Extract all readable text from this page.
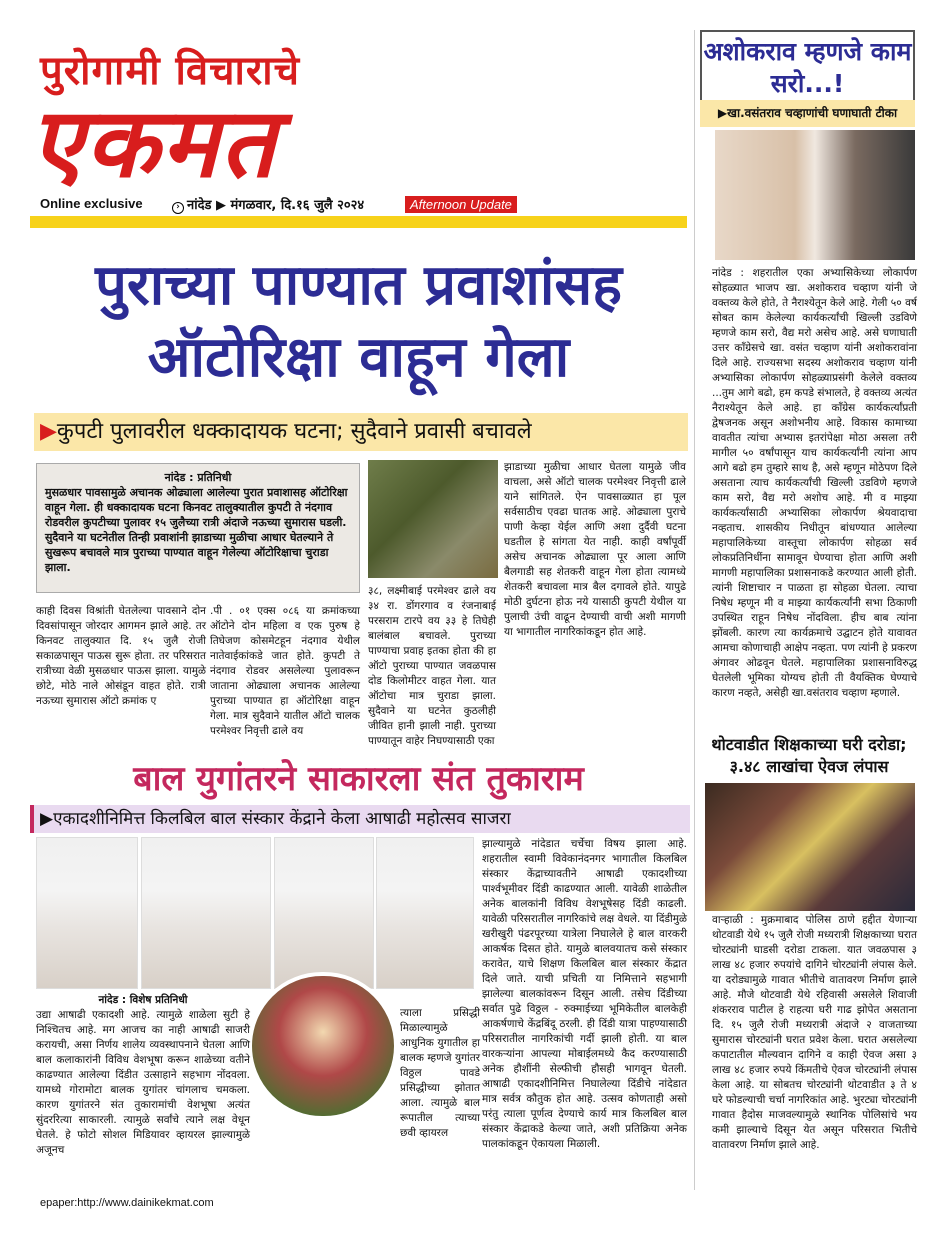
पुरोगामी विचाराचे
एकमत
Online exclusive	› नांदेड ▶ मंगळवार, दि.१६ जुलै २०२४	Afternoon Update
पुराच्या पाण्यात प्रवाशांसह
ऑटोरिक्षा वाहून गेला
▶कुपटी पुलावरील धक्कादायक घटना; सुदैवाने प्रवासी बचावले
नांदेड : प्रतिनिधी
मुसळधार पावसामुळे अचानक ओढ्याला आलेल्या पुरात प्रवाशासह ऑटोरिक्षा वाहून गेला. ही धक्कादायक घटना किनवट तालुक्यातील कुपटी ते नंदगाव रोडवरील कुपटीच्या पुलावर १५ जुलैच्या रात्री अंदाजे नऊच्या सुमारास घडली. सुदैवाने या घटनेतील तिन्ही प्रवाशांनी झाडाच्या मुळीचा आधार घेतल्याने ते सुखरूप बचावले मात्र पुराच्या पाण्यात वाहून गेलेल्या ऑटोरिक्षाचा चुराडा झाला.
काही दिवस विश्रांती घेतलेल्या पावसाने दोन दिवसांपासून जोरदार आगमन झाले आहे. तर किनवट तालुक्यात दि. १५ जुलै रोजी सकाळपासून पाऊस सुरू होता. तर परिसरात रात्रीच्या वेळी मुसळधार पाऊस झाला. यामुळे छोटे, मोठे नाले ओसंडून वाहत होते. रात्री नऊच्या सुमारास ऑटो क्रमांक ए
.पी . ०१ एक्स ०८६ या क्रमांकच्या ऑटोने दोन महिला व एक पुरुष हे तिघेजण कोसमेटहून नंदगाव येथील नातेवाईकांकडे जात होते. कुपटी ते नंदगाव रोडवर असलेल्या पुलावरून जाताना ओढ्याला अचानक आलेल्या पुराच्या पाण्यात हा ऑटोरिक्षा वाहून गेला. मात्र सुदैवाने यातील ऑटो चालक परमेश्वर निवृत्ती ढाले वय
३८, लक्ष्मीबाई परमेश्वर ढाले वय ३४ रा. डोंगरगाव व रंजनाबाई परसराम टारपे वय ३३ हे तिघेही बालंबाल बचावले. पुराच्या पाण्याचा प्रवाह इतका होता की हा ऑटो पुराच्या पाण्यात जवळपास दोड किलोमीटर वाहत गेला. यात ऑटोचा मात्र चुराडा झाला. सुदैवाने या घटनेत कुठलीही जीवित हानी झाली नाही. पुराच्या पाण्यातून वाहेर निघण्यासाठी एका
झाडाच्या मुळीचा आधार घेतला यामुळे जीव वाचला, असे ऑटो चालक परमेश्वर निवृत्ती ढाले याने सांगितले. ऐन पावसाळ्यात हा पूल सर्वसाठीच एवढा घातक आहे. ओढ्याला पुराचे पाणी केव्हा येईल आणि अशा दुर्दैवी घटना घडतील हे सांगता येत नाही. काही वर्षांपूर्वी असेच अचानक ओढ्याला पूर आला आणि बैलगाडी सह शेतकरी वाहून गेला होता त्यामध्ये शेतकरी बचावला मात्र बैल दगावले होते. यापुढे मोठी दुर्घटना होऊ नये यासाठी कुपटी येथील या पुलाची उंची वाढून देण्याची वाची अशी मागणी या भागातील नागरिकांकडून होत आहे.
अशोकराव म्हणजे काम सरो...!
▶खा.वसंतराव चव्हाणांची घणाघाती टीका
नांदेड : शहरातील एका अभ्यासिकेच्या लोकार्पण सोहळ्यात भाजप खा. अशोकराव चव्हाण यांनी जे वक्तव्य केले होते, ते नैराश्येतून केले आहे. गेली ५० वर्ष सोबत काम केलेल्या कार्यकर्त्यांची खिल्ली उडविणे म्हणजे काम सरो, वैद्य मरो असेच आहे. असे घणाघाती उत्तर काँग्रेसचे खा. वसंत चव्हाण यांनी अशोकरावांना दिले आहे. राज्यसभा सदस्य अशोकराव चव्हाण यांनी अभ्यासिका लोकार्पण सोहळ्याप्रसंगी केलेले वक्तव्य ...तुम आगे बढो, हम कपडे संभालते, हे वक्तव्य अत्यंत नैराश्येतून केले आहे. हा काँग्रेस कार्यकर्त्यांप्रती द्वेषजनक असून अशोभनीय आहे. विकास कामाच्या वावतीत त्यांचा अभ्यास इतरांपेक्षा मोठा असला तरी मागील ५० वर्षांपासून याच कार्यकर्त्यांनी त्यांना आप आगे बढो हम तुम्हारे साथ है, असे म्हणून मोठेपण दिले असताना त्याच कार्यकर्त्यांची खिल्ली उडविणे म्हणजे काम सरो, वैद्य मरो अशोच आहे. मी व माझ्या कार्यकर्त्यांसाठी अभ्यासिका लोकार्पण श्रेयवादाचा नव्हताच. शासकीय निधीतून बांधण्यात आलेल्या महापालिकेच्या वास्तूचा लोकार्पण सोहळा सर्व लोकप्रतिनिधींना सामावून घेण्याचा होता आणि अशी मागणी महापालिका प्रशासनाकडे करण्यात आली होती. त्यांनी शिष्टाचार न पाळता हा सोहळा घेतला. त्याचा निषेध म्हणून मी व माझ्या कार्यकर्त्यांनी सभा ठिकाणी उपस्थित राहून निषेध नोंदविला. हीच बाब त्यांना झोंबली. कारण त्या कार्यक्रमाचे उद्घाटन होते यावावत आमचा कोणाचाही आक्षेप नव्हता. पण त्यांनी हे प्रकरण अंगावर ओढवून घेतले. महापालिका प्रशासनाविरुद्ध घेतलेली भूमिका योग्यच होती ती वैयक्तिक घेण्याचे कारण नव्हते, असेही खा.वसंतराव चव्हाण म्हणाले.
थोटवाडीत शिक्षकाच्या घरी दरोडा; ३.४८ लाखांचा ऐवज लंपास
वाऱ्हाळी : मुक्रमाबाद पोलिस ठाणे हद्दीत येणाऱ्या थोटवाडी येथे १५ जुलै रोजी मध्यरात्री शिक्षकाच्या घरात चोरट्यांनी घाडसी दरोडा टाकला. यात जवळपास ३ लाख ४८ हजार रुपयांचे दागिने चोरट्यांनी लंपास केले. या दरोड्यामुळे गावात भीतीचे वातावरण निर्माण झाले आहे. मौजे थोटवाडी येथे रहिवासी असलेले शिवाजी शंकरराव पाटील हे राहत्या घरी गाढ झोपेत असताना दि. १५ जुलै रोजी मध्यरात्री अंदाजे २ वाजताच्या सुमारास चोरट्यांनी घरात प्रवेश केला. घरात असलेल्या कपाटातील मौल्यवान दागिने व काही ऐवज असा ३ लाख ४८ हजार रुपये किंमतीचे ऐवज चोरट्यांनी लंपास केला आहे. या सोबतच चोरट्यांनी थोटवाडीत ३ ते ४ घरे फोडल्याची चर्चा नागरिकांत आहे. भुरट्या चोरट्यांनी गावात हैदोस माजवल्यामुळे स्थानिक पोलिसांचे भय कमी झाल्याचे दिसून येत असून परिसरात भितीचे वातावरण निर्माण झाले आहे.
बाल युगांतरने साकारला संत तुकाराम
▶एकादशीनिमित्त किलबिल बाल संस्कार केंद्राने केला आषाढी महोत्सव साजरा
नांदेड : विशेष प्रतिनिधी
उद्या आषाढी एकादशी आहे. त्यामुळे शाळेला सुटी हे निश्चितच आहे. मग आजच का नाही आषाढी साजरी करायची, असा निर्णय शालेय व्यवस्थापनाने घेतला आणि बाल कलाकारांनी विविध वेशभूषा करून शाळेच्या वतीने काढण्यात आलेल्या दिंडीत उत्साहाने सहभाग नोंदवला. यामध्ये गोरामोटा बालक युगांतर चांगलाच चमकला. कारण युगांतरने संत तुकारामांची वेशभूषा अत्यंत सुंदररित्या साकारली. त्यामुळे सर्वांचे त्याने लक्ष वेधून घेतले. हे फोटो सोशल मिडियावर व्हायरल झाल्यामुळे अजूनच
त्याला प्रसिद्धी मिळाल्यामुळे आधुनिक युगातील हा बालक म्हणजे युगांतर विठ्ठल पावडे प्रसिद्धीच्या झोतात आला. त्यामुळे बाल रूपातील त्याच्या छवी व्हायरल
झाल्यामुळे नांदेडात चर्चेचा विषय झाला आहे. शहरातील स्वामी विवेकानंदनगर भागातील किलबिल संस्कार केंद्राच्यावतीने आषाढी एकादशीच्या पार्श्वभूमीवर दिंडी काढण्यात आली. यावेळी शाळेतील अनेक बालकांनी विविध वेशभूषेसह दिंडी काढली. यावेळी परिसरातील नागरिकांचे लक्ष वेधले. या दिंडीमुळे खरीखुरी पंढरपूरच्या यात्रेला निघालेले हे बाल वारकरी आकर्षक दिसत होते. यामुळे बालवयातच कसे संस्कार करावेत, याचे शिक्षण किलबिल बाल संस्कार केंद्रात दिले जाते. याची प्रचिती या निमित्ताने सहभागी झालेल्या बालकांवरून दिसून आली. तसेच दिंडीच्या सर्वात पुढे विठ्ठल - रुक्माईच्या भूमिकेतील बालकेही आकर्षणाचे केंद्रबिंदू ठरली. ही दिंडी यात्रा पाहण्यासाठी परिसरातील नागरिकांची गर्दी झाली होती. या बाल वारकऱ्यांना आपल्या मोबाईलमध्ये कैद करण्यासाठी अनेक हौशींनी सेल्फीची हौसही भागवून घेतली. आषाढी एकादशीनिमित्त निघालेल्या दिंडीचे नांदेडात मात्र सर्वत्र कौतुक होत आहे. उत्सव कोणताही असो परंतु त्याला पूर्णत्व देण्याचे कार्य मात्र किलबिल बाल संस्कार केंद्राकडे केल्या जाते, अशी प्रतिक्रिया अनेक पालकांकडून ऐकायला मिळाली.
epaper:http://www.dainikekmat.com
